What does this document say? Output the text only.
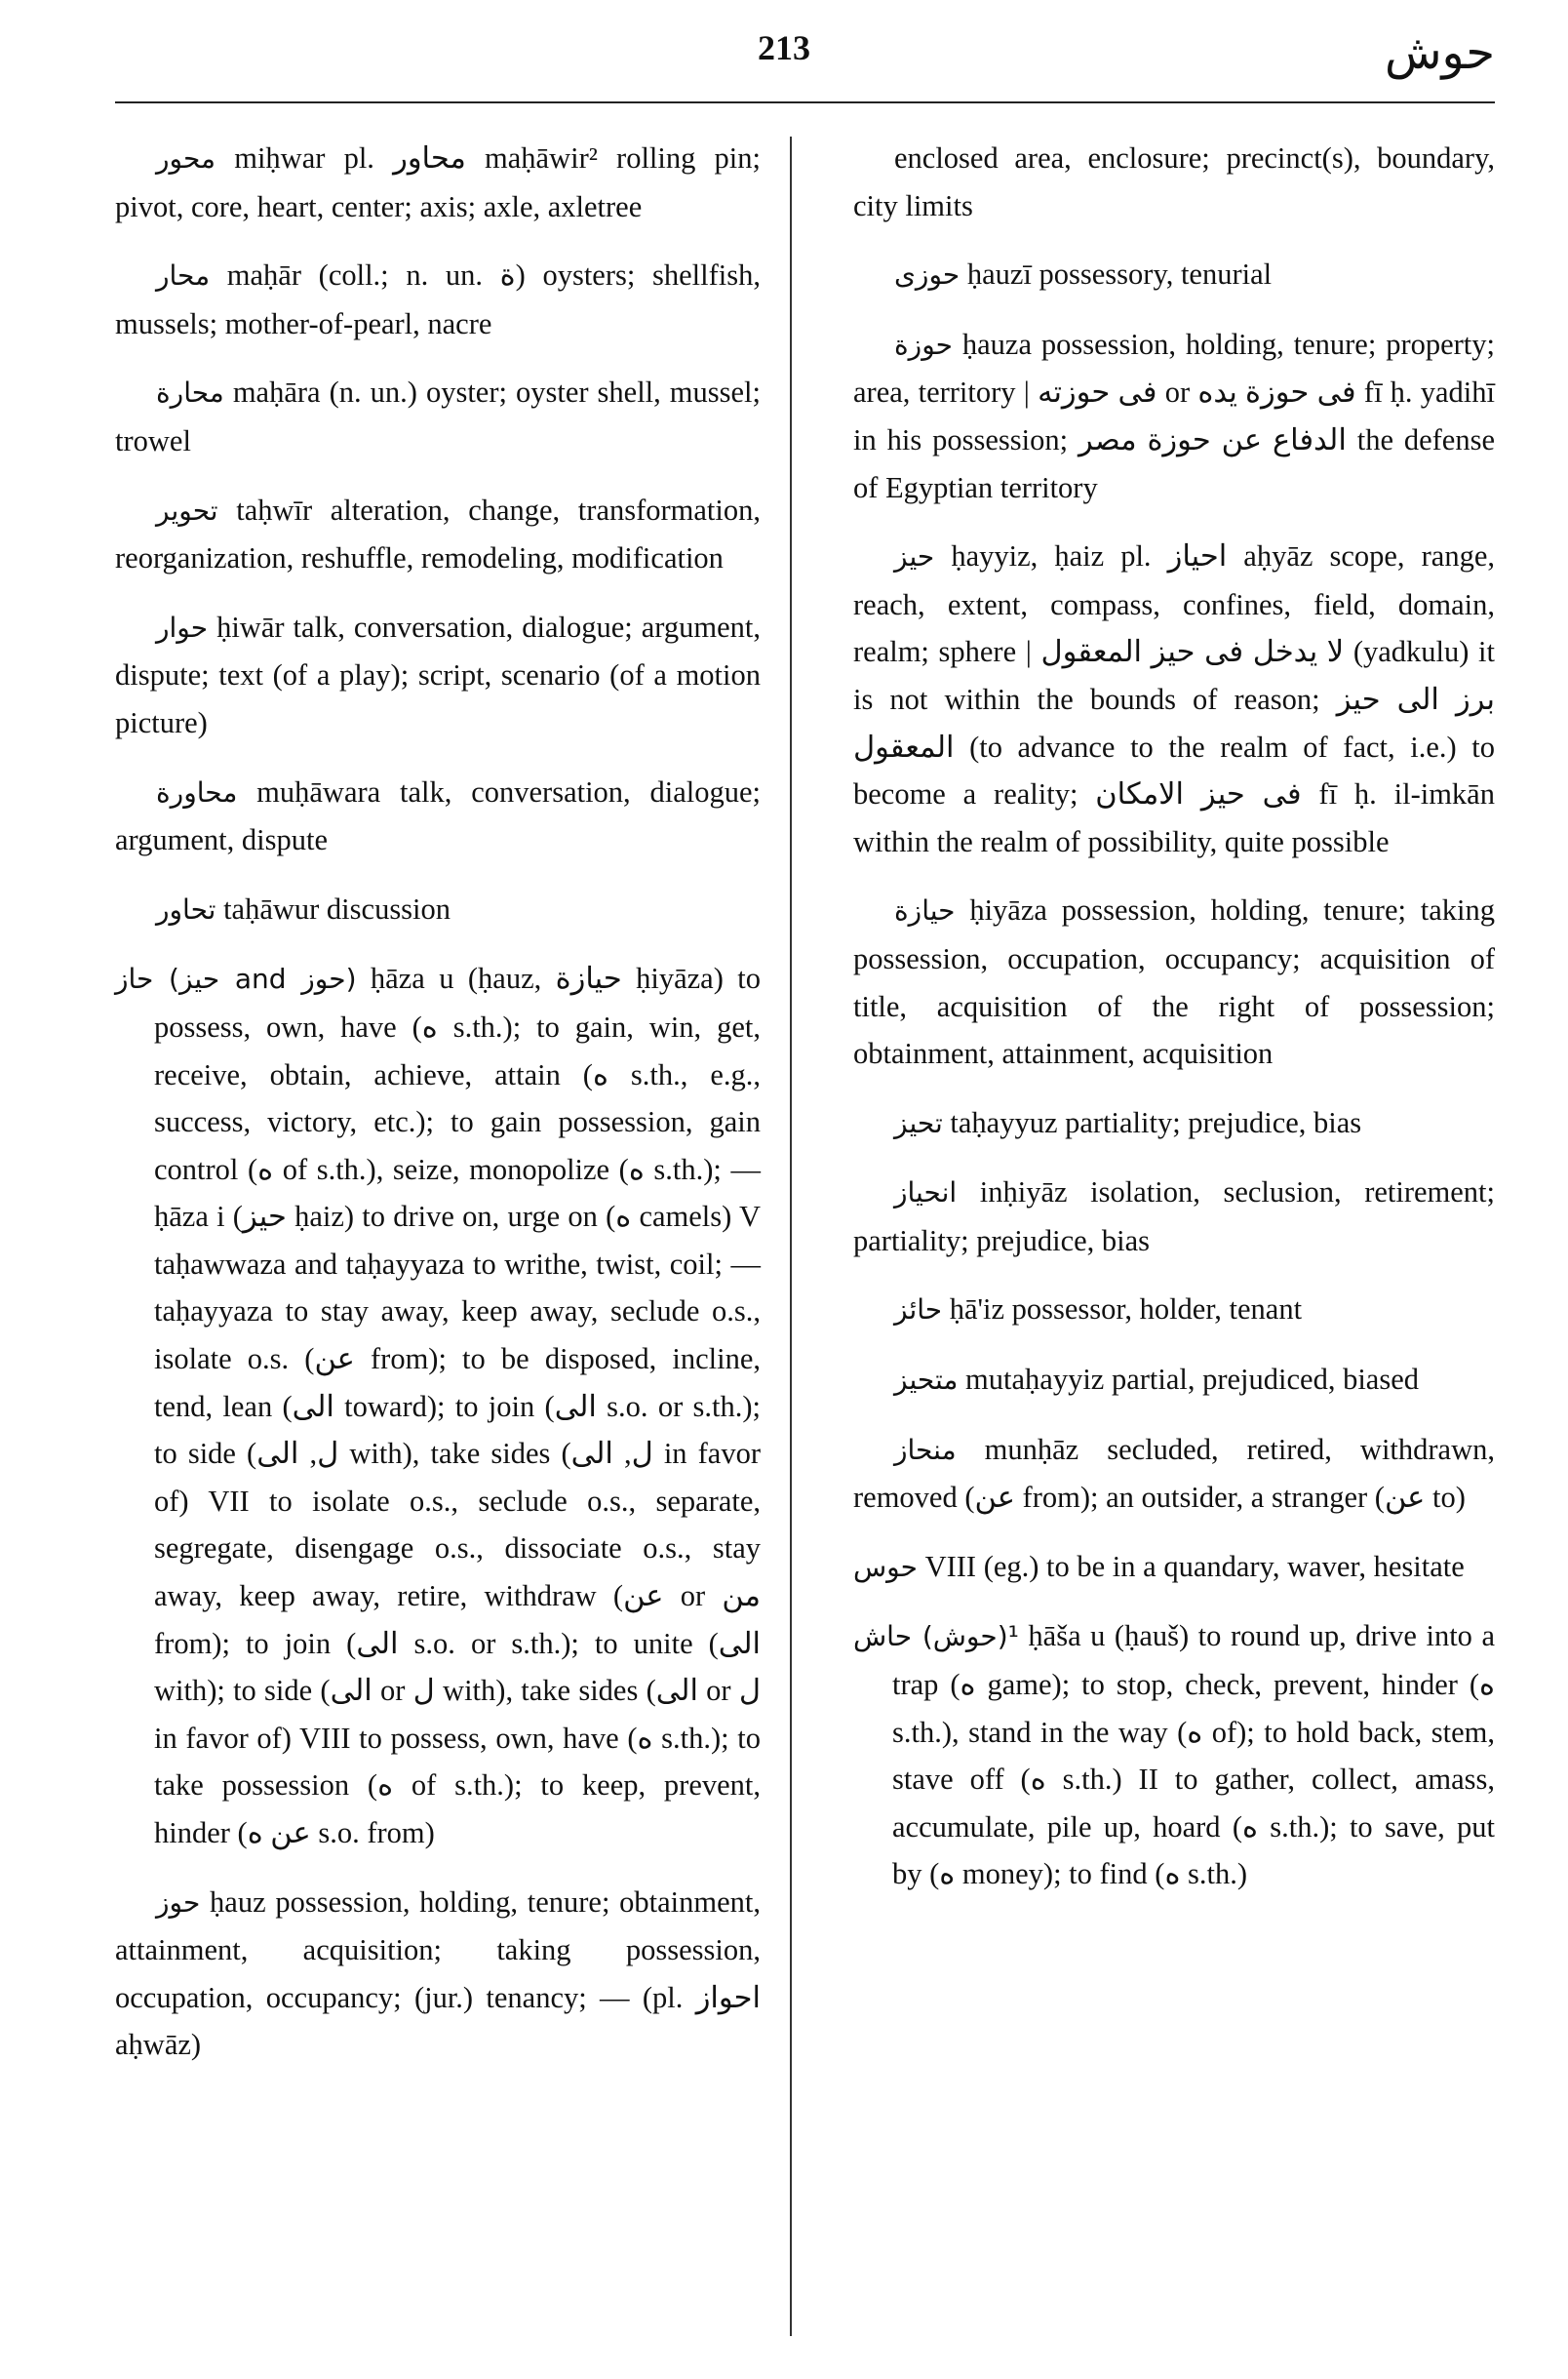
213	حوش

محور miḥwar pl. محاور maḥāwir² rolling pin; pivot, core, heart, center; axis; axle, axletree

محار maḥār (coll.; n. un. ة) oysters; shellfish, mussels; mother-of-pearl, nacre

محارة maḥāra (n. un.) oyster; oyster shell, mussel; trowel

تحوير taḥwīr alteration, change, transformation, reorganization, reshuffle, remodeling, modification

حوار ḥiwār talk, conversation, dialogue; argument, dispute; text (of a play); script, scenario (of a motion picture)

محاورة muḥāwara talk, conversation, dialogue; argument, dispute

تحاور taḥāwur discussion

(حوز and حيز) حاز ḥāza u (ḥauz, حيازة ḥiyāza) to possess, own, have (ه s.th.); to gain, win, get, receive, obtain, achieve, attain (ه s.th., e.g., success, victory, etc.); to gain possession, gain control (ه of s.th.), seize, monopolize (ه s.th.); — ḥāza i (حيز ḥaiz) to drive on, urge on (ه camels) V taḥawwaza and taḥayyaza to writhe, twist, coil; — taḥayyaza to stay away, keep away, seclude o.s., isolate o.s. (عن from); to be disposed, incline, tend, lean (الى toward); to join (الى s.o. or s.th.); to side (ل, الى with), take sides (ل, الى in favor of) VII to isolate o.s., seclude o.s., separate, segregate, disengage o.s., dissociate o.s., stay away, keep away, retire, withdraw (عن or من from); to join (الى s.o. or s.th.); to unite (الى with); to side (الى or ل with), take sides (الى or ل in favor of) VIII to possess, own, have (ه s.th.); to take possession (ه of s.th.); to keep, prevent, hinder (عن ه s.o. from)

حوز ḥauz possession, holding, tenure; obtainment, attainment, acquisition; taking possession, occupation, occupancy; (jur.) tenancy; — (pl. احواز aḥwāz)

enclosed area, enclosure; precinct(s), boundary, city limits

حوزى ḥauzī possessory, tenurial

حوزة ḥauza possession, holding, tenure; property; area, territory | فى حوزته or فى حوزة يده fī ḥ. yadihī in his possession; الدفاع عن حوزة مصر the defense of Egyptian territory

حيز ḥayyiz, ḥaiz pl. احياز aḥyāz scope, range, reach, extent, compass, confines, field, domain, realm; sphere | لا يدخل فى حيز المعقول (yadkulu) it is not within the bounds of reason; برز الى حيز المعقول (to advance to the realm of fact, i.e.) to become a reality; فى حيز الامكان fī ḥ. il-imkān within the realm of possibility, quite possible

حيازة ḥiyāza possession, holding, tenure; taking possession, occupation, occupancy; acquisition of title, acquisition of the right of possession; obtainment, attainment, acquisition

تحيز taḥayyuz partiality; prejudice, bias

انحياز inḥiyāz isolation, seclusion, retirement; partiality; prejudice, bias

حائز ḥā'iz possessor, holder, tenant

متحيز mutaḥayyiz partial, prejudiced, biased

منحاز munḥāz secluded, retired, withdrawn, removed (عن from); an outsider, a stranger (عن to)

حوس VIII (eg.) to be in a quandary, waver, hesitate

¹(حوش) حاش ḥāša u (ḥauš) to round up, drive into a trap (ه game); to stop, check, prevent, hinder (ه s.th.), stand in the way (ه of); to hold back, stem, stave off (ه s.th.) II to gather, collect, amass, accumulate, pile up, hoard (ه s.th.); to save, put by (ه money); to find (ه s.th.)
